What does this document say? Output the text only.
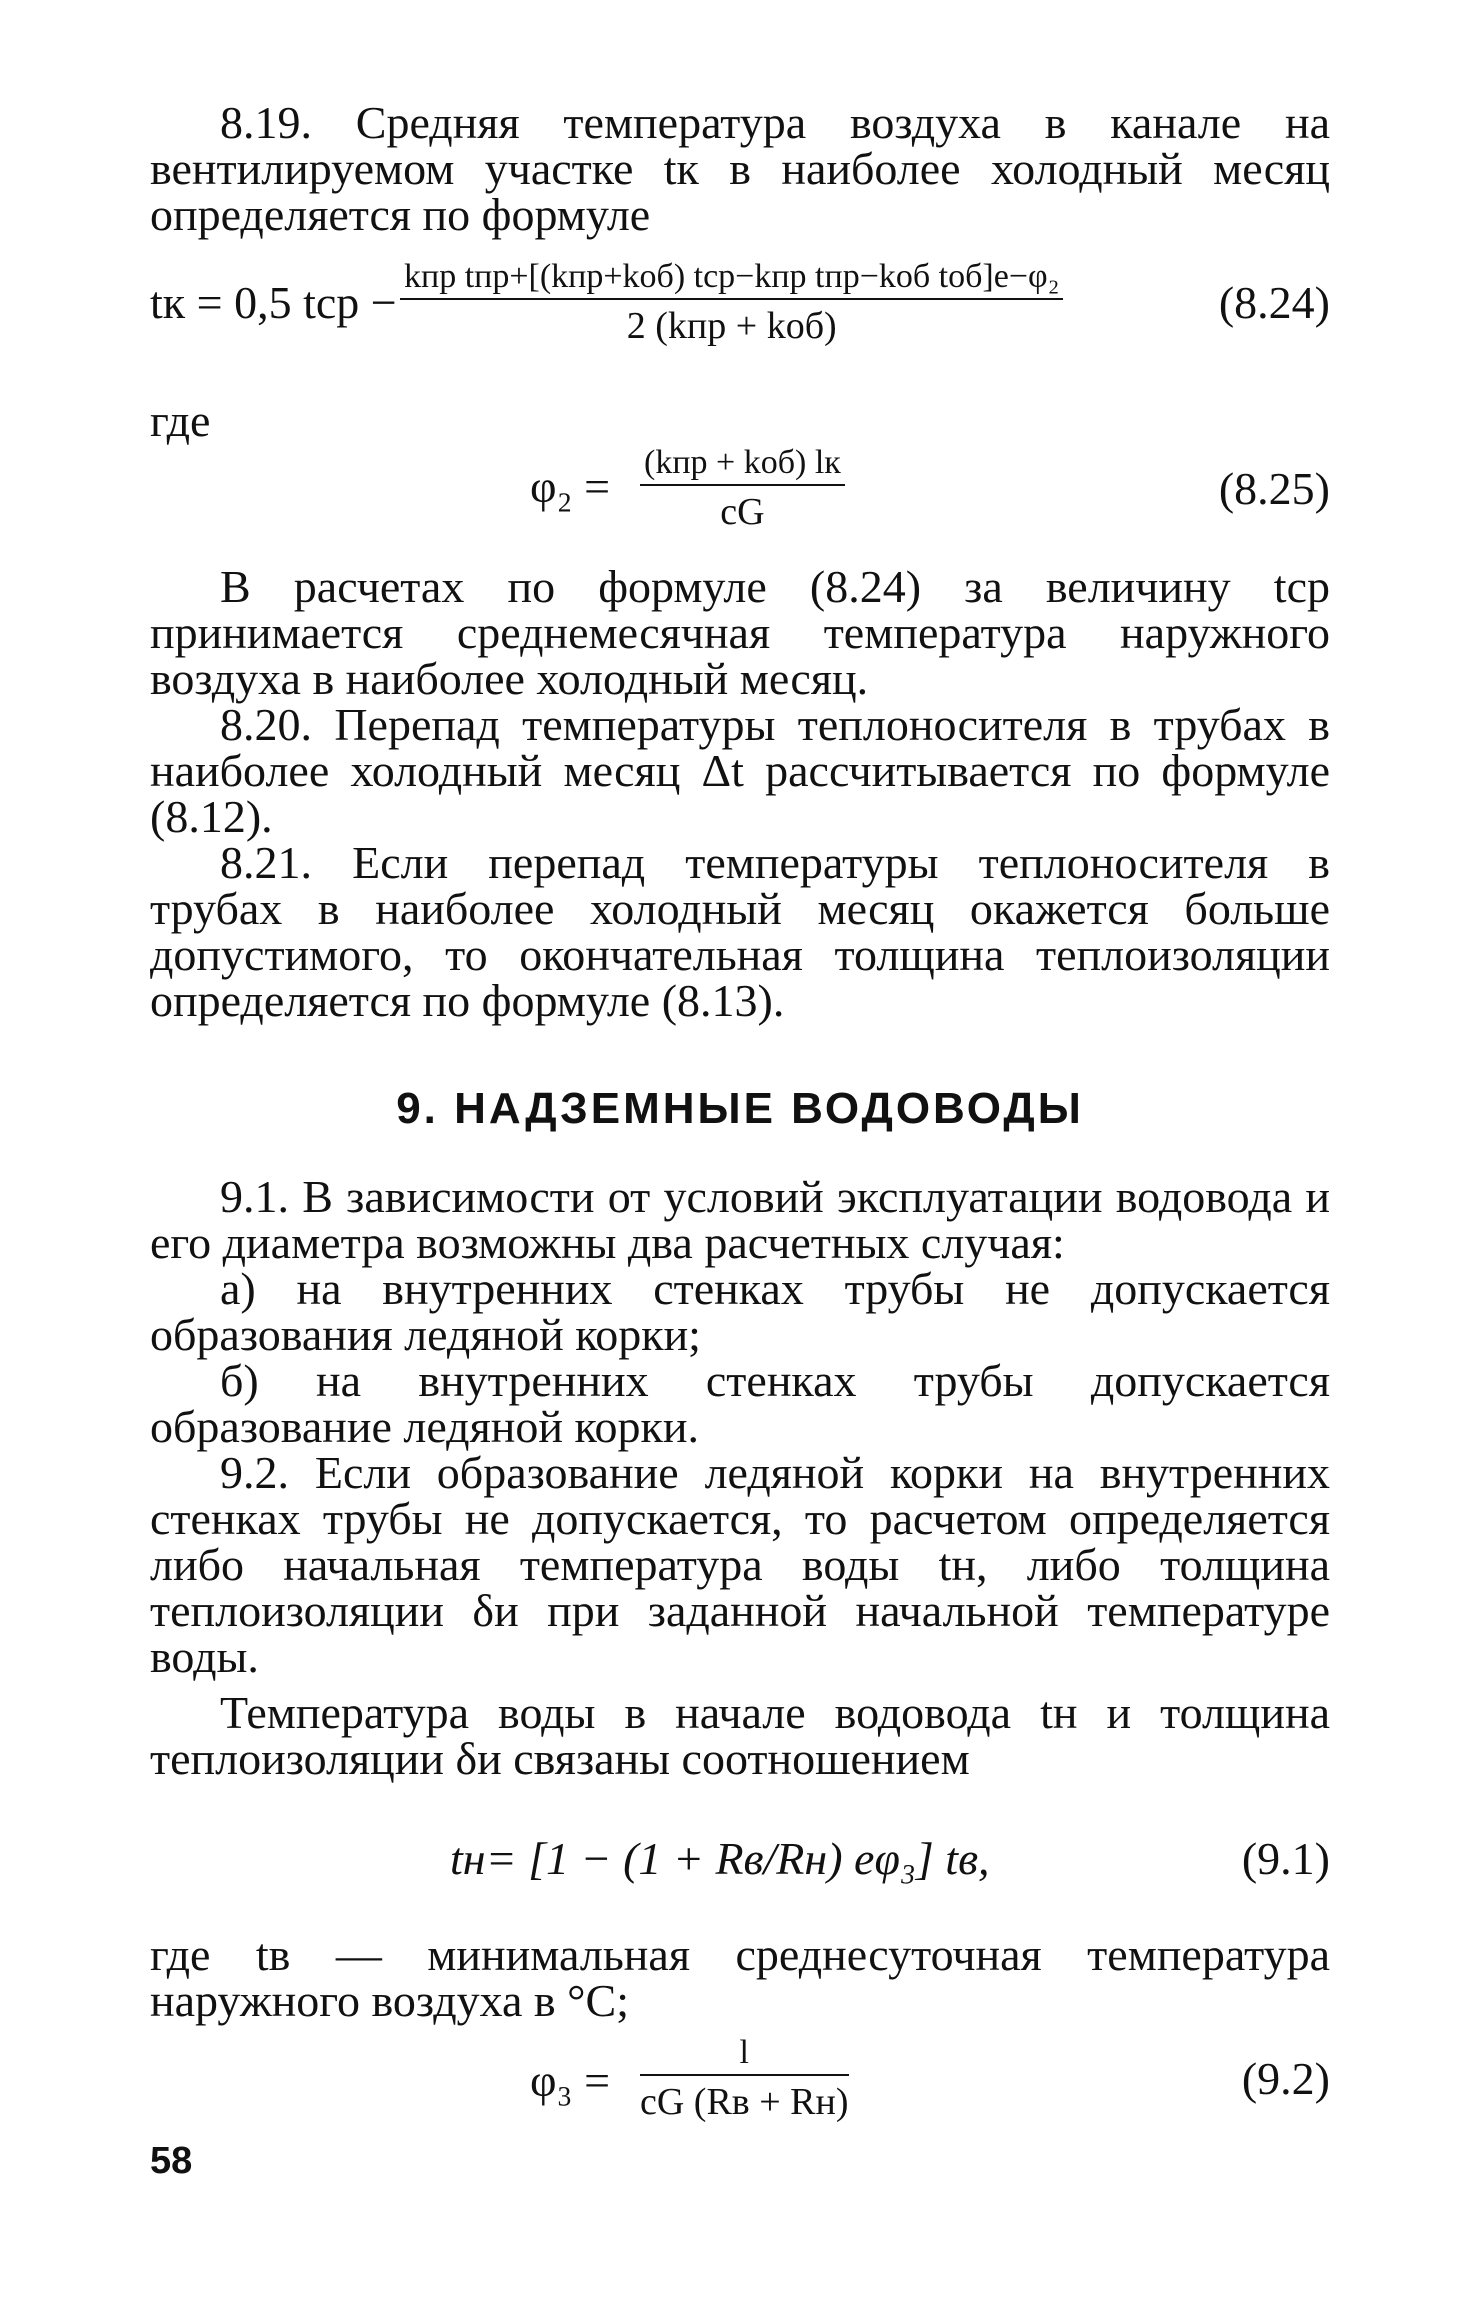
8.19. Средняя температура воздуха в канале на вентилируемом участке tк в наиболее холодный месяц определяется по формуле

tк = 0,5 tср −
kпр tпр+[(kпр+kоб) tср−kпр tпр−kоб tоб]e−φ₂
2 (kпр + kоб)	(8.24)

где

φ₂ = (kпр + kоб) lк
cG	(8.25)

В расчетах по формуле (8.24) за величину tср принимается среднемесячная температура наружного воздуха в наиболее холодный месяц.

8.20. Перепад температуры теплоносителя в трубах в наиболее холодный месяц Δt рассчитывается по формуле (8.12).

8.21. Если перепад температуры теплоносителя в трубах в наиболее холодный месяц окажется больше допустимого, то окончательная толщина теплоизоляции определяется по формуле (8.13).

9. НАДЗЕМНЫЕ ВОДОВОДЫ

9.1. В зависимости от условий эксплуатации водовода и его диаметра возможны два расчетных случая:

а) на внутренних стенках трубы не допускается образования ледяной корки;

б) на внутренних стенках трубы допускается образование ледяной корки.

9.2. Если образование ледяной корки на внутренних стенках трубы не допускается, то расчетом определяется либо начальная температура воды tн, либо толщина теплоизоляции δи при заданной начальной температуре воды.

Температура воды в начале водовода tн и толщина теплоизоляции δи связаны соотношением

tн= [1 − (1 + Rв/Rн) eφ₃] tв,	(9.1)

где tв — минимальная среднесуточная температура наружного воздуха в °С;

φ₃ =
l
cG (Rв + Rн)	(9.2)
58
